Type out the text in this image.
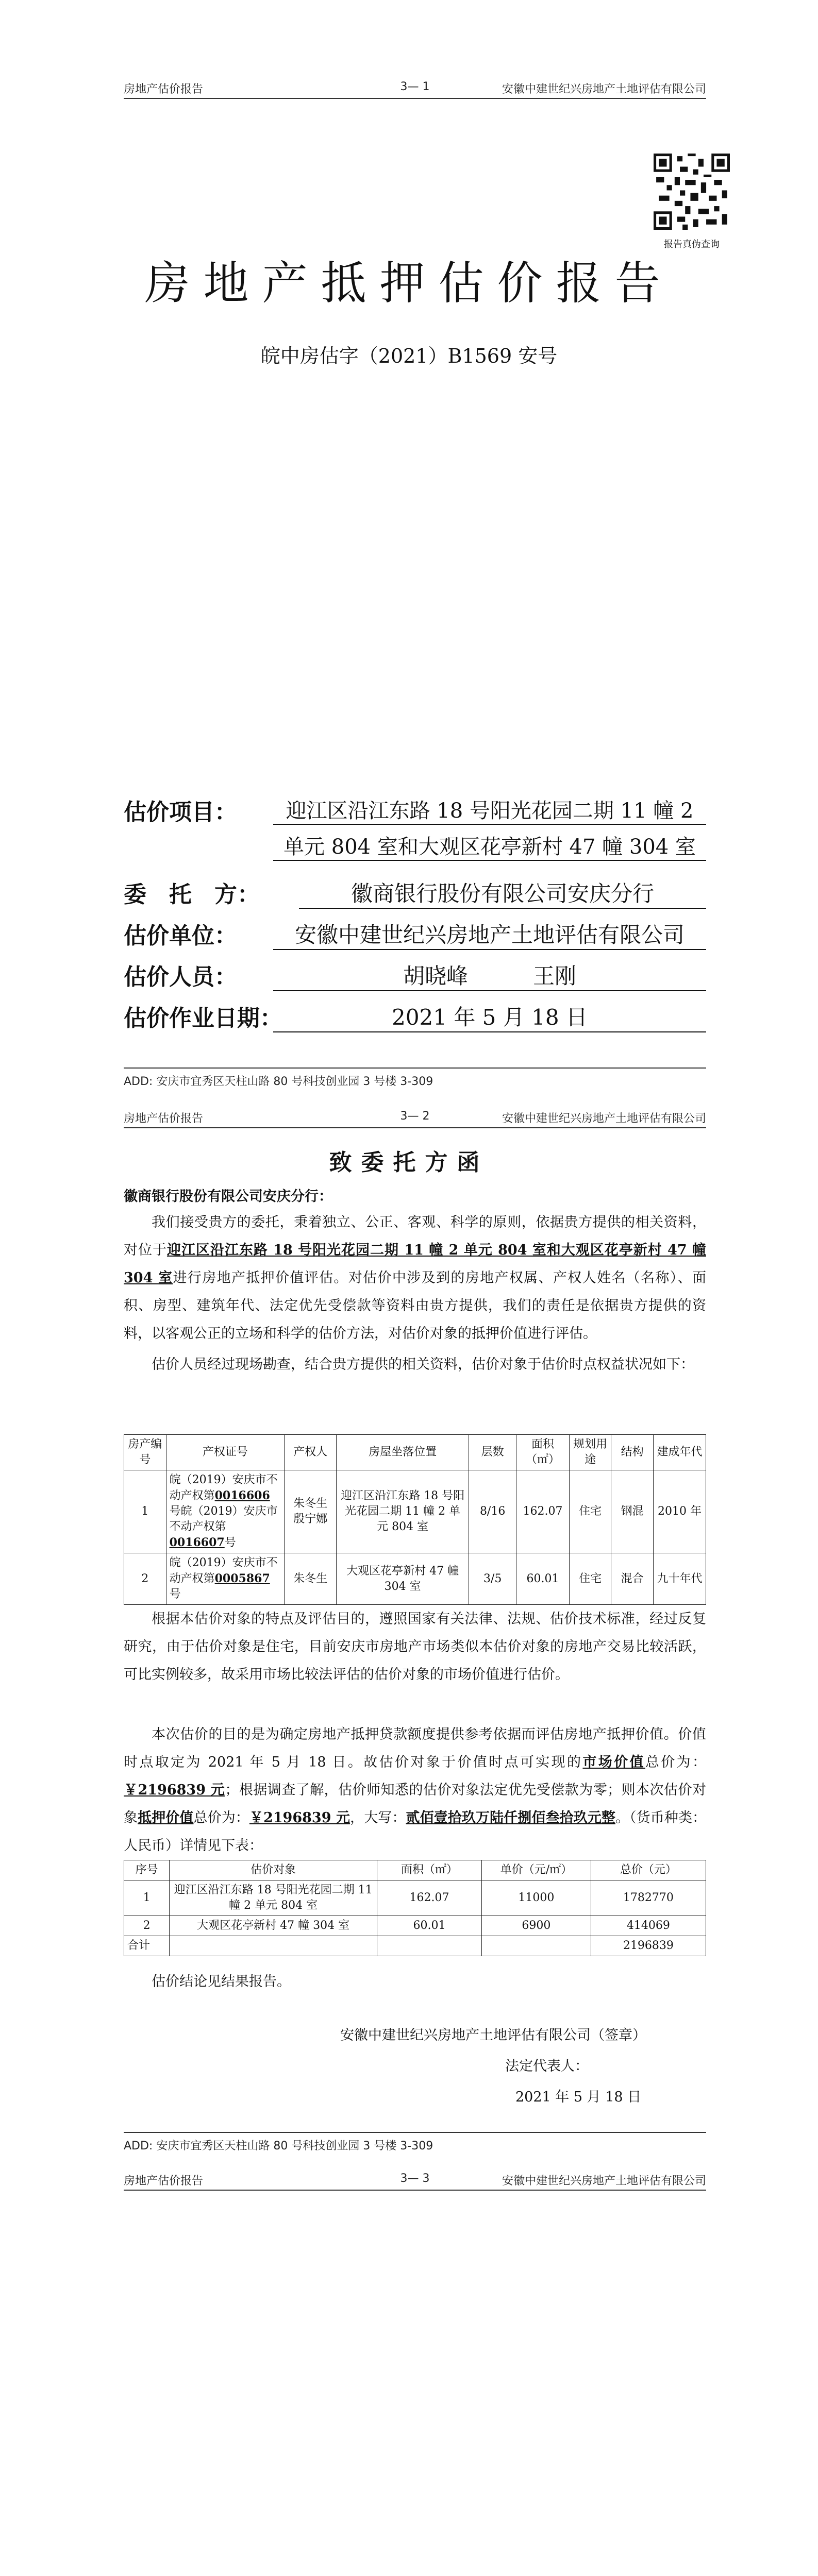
房地产估价报告	3— 1	安徽中建世纪兴房地产土地评估有限公司
报告真伪查询
房地产抵押估价报告
皖中房估字（2021）B1569 安号
估价项目：	迎江区沿江东路 18 号阳光花园二期 11 幢 2
单元 804 室和大观区花亭新村 47 幢 304 室
委　托　方：	徽商银行股份有限公司安庆分行
估价单位：	安徽中建世纪兴房地产土地评估有限公司
估价人员：	胡晓峰　　　王刚
估价作业日期：	2021 年 5 月 18 日
ADD: 安庆市宜秀区天柱山路 80 号科技创业园 3 号楼 3-309
房地产估价报告	3— 2	安徽中建世纪兴房地产土地评估有限公司
致委托方函
徽商银行股份有限公司安庆分行：
我们接受贵方的委托，秉着独立、公正、客观、科学的原则，依据贵方提供的相关资料，对位于迎江区沿江东路 18 号阳光花园二期 11 幢 2 单元 804 室和大观区花亭新村 47 幢 304 室进行房地产抵押价值评估。对估价中涉及到的房地产权属、产权人姓名（名称）、面积、房型、建筑年代、法定优先受偿款等资料由贵方提供，我们的责任是依据贵方提供的资料，以客观公正的立场和科学的估价方法，对估价对象的抵押价值进行评估。
估价人员经过现场勘查，结合贵方提供的相关资料，估价对象于估价时点权益状况如下：
房产编号	产权证号	产权人	房屋坐落位置	层数	面积（㎡）	规划用途	结构	建成年代
1	皖（2019）安庆市不动产权第0016606号皖（2019）安庆市不动产权第0016607号	朱冬生殷宁娜	迎江区沿江东路 18 号阳光花园二期 11 幢 2 单元 804 室	8/16	162.07	住宅	钢混	2010 年
2	皖（2019）安庆市不动产权第0005867号	朱冬生	大观区花亭新村 47 幢 304 室	3/5	60.01	住宅	混合	九十年代
根据本估价对象的特点及评估目的，遵照国家有关法律、法规、估价技术标准，经过反复研究，由于估价对象是住宅，目前安庆市房地产市场类似本估价对象的房地产交易比较活跃，可比实例较多，故采用市场比较法评估的估价对象的市场价值进行估价。
本次估价的目的是为确定房地产抵押贷款额度提供参考依据而评估房地产抵押价值。价值时点取定为 2021 年 5 月 18 日。故估价对象于价值时点可实现的市场价值总价为：￥2196839 元；根据调查了解，估价师知悉的估价对象法定优先受偿款为零；则本次估价对象抵押价值总价为：￥2196839 元，大写：贰佰壹拾玖万陆仟捌佰叁拾玖元整。（货币种类：人民币）详情见下表：
序号	估价对象	面积（㎡）	单价（元/㎡）	总价（元）
1	迎江区沿江东路 18 号阳光花园二期 11 幢 2 单元 804 室	162.07	11000	1782770
2	大观区花亭新村 47 幢 304 室	60.01	6900	414069
合计				2196839
估价结论见结果报告。
安徽中建世纪兴房地产土地评估有限公司（签章）
法定代表人：
2021 年 5 月 18 日
ADD: 安庆市宜秀区天柱山路 80 号科技创业园 3 号楼 3-309
房地产估价报告	3— 3	安徽中建世纪兴房地产土地评估有限公司
